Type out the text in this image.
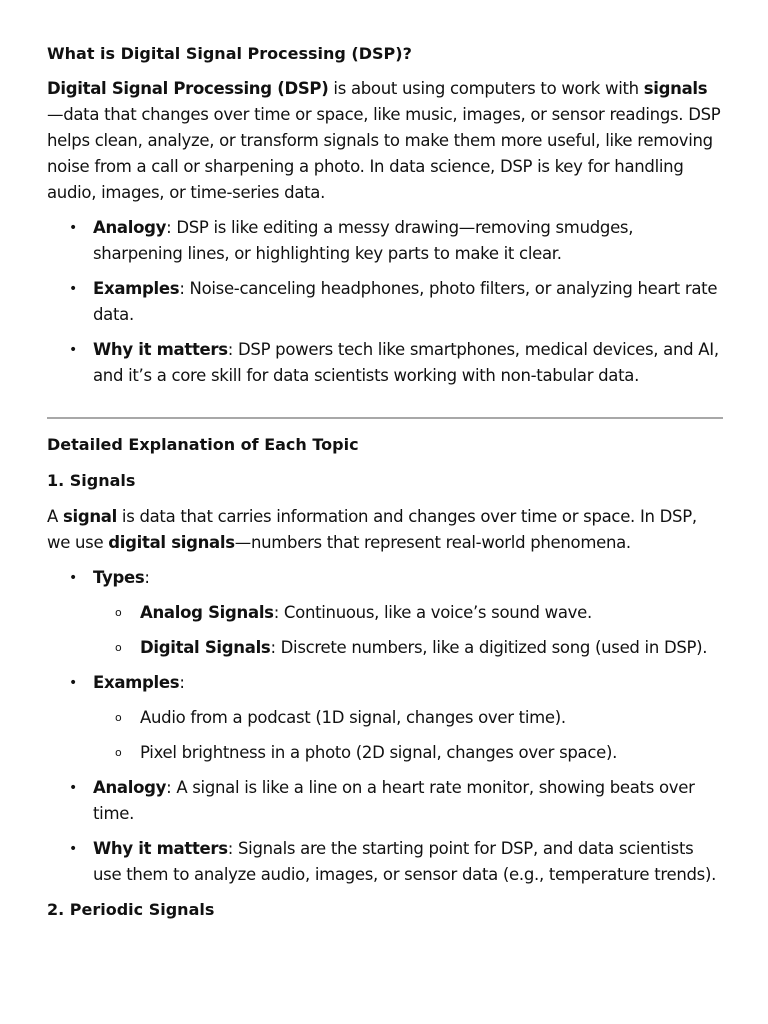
What is Digital Signal Processing (DSP)?

Digital Signal Processing (DSP) is about using computers to work with signals—data that changes over time or space, like music, images, or sensor readings. DSP helps clean, analyze, or transform signals to make them more useful, like removing noise from a call or sharpening a photo. In data science, DSP is key for handling audio, images, or time-series data.

• Analogy: DSP is like editing a messy drawing—removing smudges, sharpening lines, or highlighting key parts to make it clear.
• Examples: Noise-canceling headphones, photo filters, or analyzing heart rate data.
• Why it matters: DSP powers tech like smartphones, medical devices, and AI, and it’s a core skill for data scientists working with non-tabular data.
Detailed Explanation of Each Topic
1. Signals

A signal is data that carries information and changes over time or space. In DSP, we use digital signals—numbers that represent real-world phenomena.

• Types:
o Analog Signals: Continuous, like a voice’s sound wave.
o Digital Signals: Discrete numbers, like a digitized song (used in DSP).
• Examples:
o Audio from a podcast (1D signal, changes over time).
o Pixel brightness in a photo (2D signal, changes over space).
• Analogy: A signal is like a line on a heart rate monitor, showing beats over time.
• Why it matters: Signals are the starting point for DSP, and data scientists use them to analyze audio, images, or sensor data (e.g., temperature trends).
2. Periodic Signals
